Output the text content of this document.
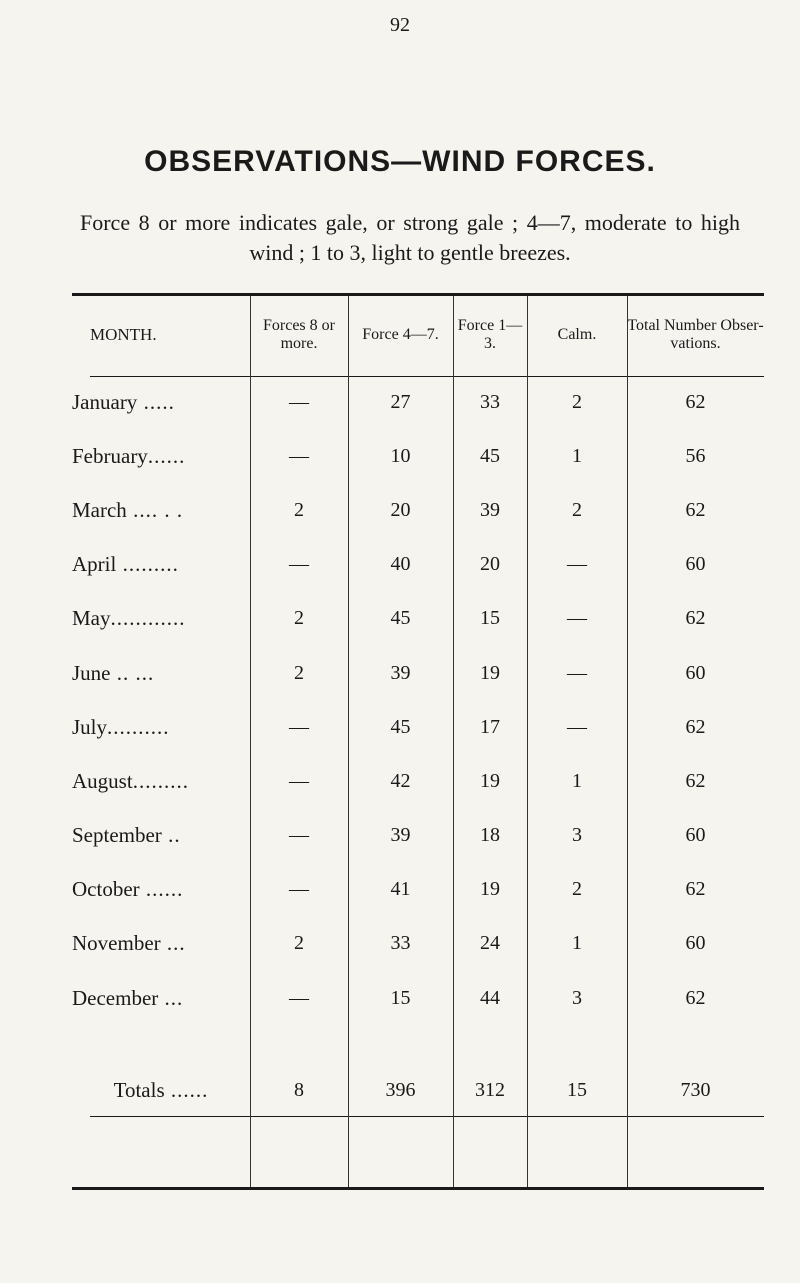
92
OBSERVATIONS—WIND FORCES.
Force 8 or more indicates gale, or strong gale ; 4—7, moderate to high wind ; 1 to 3, light to gentle breezes.
MONTH.	Forces 8 or more.	Force 4—7.	Force 1—3.	Calm.	Total Number Obser-vations.
January .....	—	27	33	2	62
February......	—	10	45	1	56
March .... . .	2	20	39	2	62
April .........	—	40	20	—	60
May............	2	45	15	—	62
June .. ...	2	39	19	—	60
July..........	—	45	17	—	62
August.........	—	42	19	1	62
September ..	—	39	18	3	60
October ......	—	41	19	2	62
November ...	2	33	24	1	60
December ...	—	15	44	3	62

Totals ......	8	396	312	15	730
